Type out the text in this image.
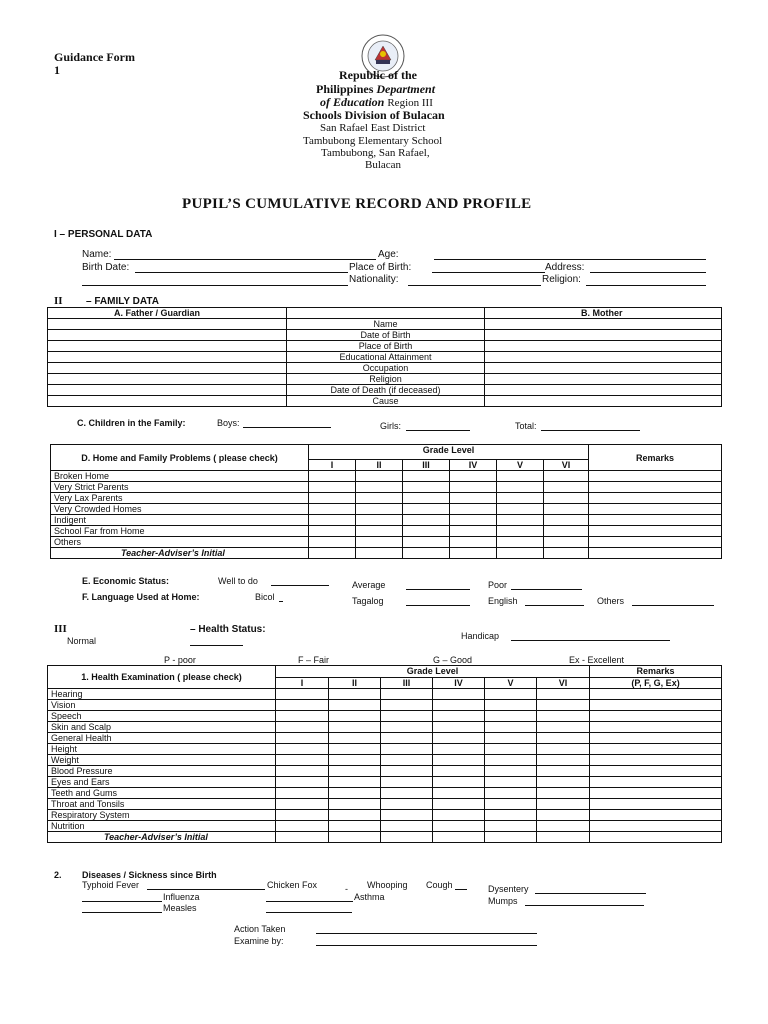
Guidance Form
1	Republic of the
Philippines Department
of Education Region III
Schools Division of Bulacan
San Rafael East District
Tambubong Elementary School
Tambubong, San Rafael,
Bulacan
PUPIL’S CUMULATIVE RECORD AND PROFILE
I – PERSONAL DATA
Name:	Age:
Birth Date:	Place of Birth:	Address:
Nationality:	Religion:
II – FAMILY DATA
A. Father / Guardian		B. Mother
	Name	
	Date of Birth	
	Place of Birth	
	Educational Attainment	
	Occupation	
	Religion	
	Date of Death (if deceased)	
	Cause	
C. Children in the Family:	Boys:	Girls:	Total:
D. Home and Family Problems ( please check)	Grade Level						Remarks
	I	II	III	IV	V	VI	
Broken Home							
Very Strict Parents							
Very Lax Parents							
Very Crowded Homes							
Indigent							
School Far from Home							
Others							
Teacher-Adviser’s Initial							
E. Economic Status:	Well to do	Average	Poor
F. Language Used at Home:	Bicol	Tagalog	English	Others
III	– Health Status:
Normal	Handicap
P - poor	F – Fair	G – Good	Ex - Excellent
1. Health Examination ( please check)	Grade Level						Remarks
	I	II	III	IV	V	VI	(P, F, G, Ex)
Hearing							
Vision							
Speech							
Skin and Scalp							
General Health							
Height							
Weight							
Blood Pressure							
Eyes and Ears							
Teeth and Gums							
Throat and Tonsils							
Respiratory System							
Nutrition							
Teacher-Adviser’s Initial							
2. Diseases / Sickness since Birth
Typhoid Fever	Chicken Fox	- Whooping Cough	Dysentery
Influenza	Asthma	Mumps
Measles
Action Taken
Examine by:
